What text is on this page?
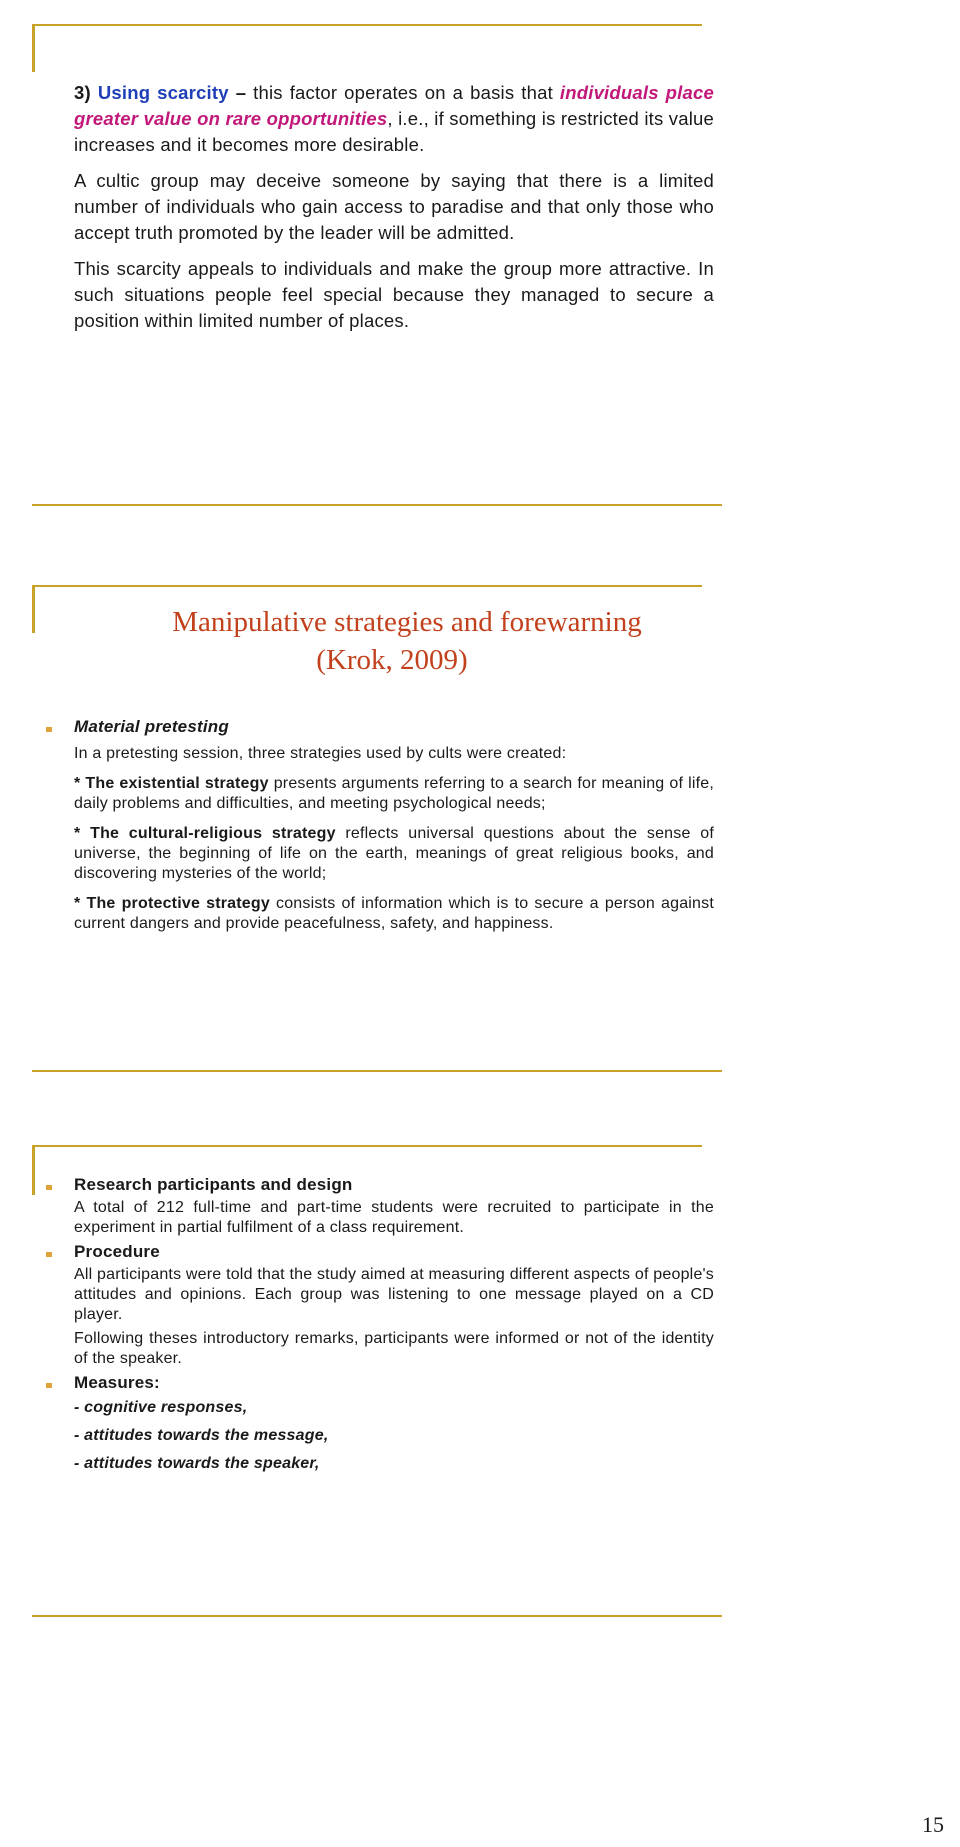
3) Using scarcity – this factor operates on a basis that individuals place greater value on rare opportunities, i.e., if something is restricted its value increases and it becomes more desirable.

A cultic group may deceive someone by saying that there is a limited number of individuals who gain access to paradise and that only those who accept truth promoted by the leader will be admitted.

This scarcity appeals to individuals and make the group more attractive. In such situations people feel special because they managed to secure a position within limited number of places.

Manipulative strategies and forewarning
(Krok, 2009)
Material pretesting

In a pretesting session, three strategies used by cults were created:

* The existential strategy presents arguments referring to a search for meaning of life, daily problems and difficulties, and meeting psychological needs;

* The cultural-religious strategy reflects universal questions about the sense of universe, the beginning of life on the earth, meanings of great religious books, and discovering mysteries of the world;

* The protective strategy consists of information which is to secure a person against current dangers and provide peacefulness, safety, and happiness.

Research participants and design

A total of 212 full-time and part-time students were recruited to participate in the experiment in partial fulfilment of a class requirement.

Procedure

All participants were told that the study aimed at measuring different aspects of people's attitudes and opinions. Each group was listening to one message played on a CD player.

Following theses introductory remarks, participants were informed or not of the identity of the speaker.

Measures:
- cognitive responses,
- attitudes towards the message,
- attitudes towards the speaker,
15
